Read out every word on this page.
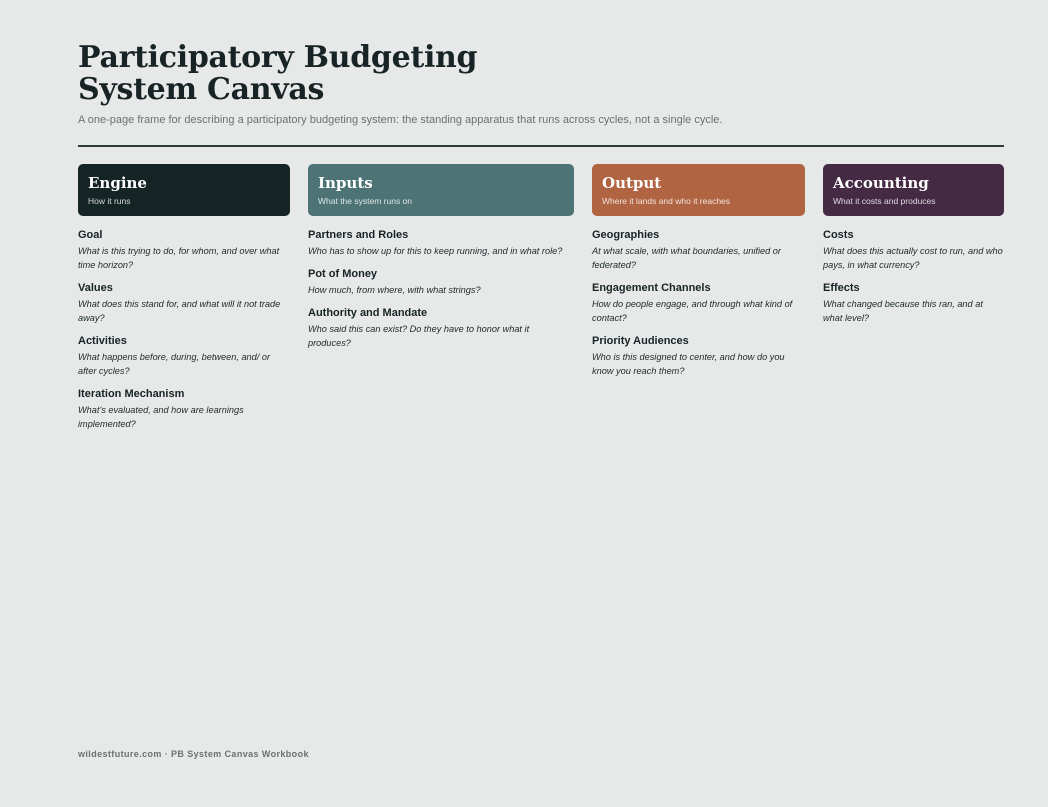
Participatory Budgeting
System Canvas
A one-page frame for describing a participatory budgeting system: the standing apparatus that runs across cycles, not a single cycle.
Engine
How it runs
Goal
What is this trying to do, for whom, and over what time horizon?
Values
What does this stand for, and what will it not trade away?
Activities
What happens before, during, between, and/ or after cycles?
Iteration Mechanism
What's evaluated, and how are learnings implemented?
Inputs
What the system runs on
Partners and Roles
Who has to show up for this to keep running, and in what role?
Pot of Money
How much, from where, with what strings?
Authority and Mandate
Who said this can exist? Do they have to honor what it produces?
Output
Where it lands and who it reaches
Geographies
At what scale, with what boundaries, unified or federated?
Engagement Channels
How do people engage, and through what kind of contact?
Priority Audiences
Who is this designed to center, and how do you know you reach them?
Accounting
What it costs and produces
Costs
What does this actually cost to run, and who pays, in what currency?
Effects
What changed because this ran, and at what level?
wildestfuture.com · PB System Canvas Workbook
